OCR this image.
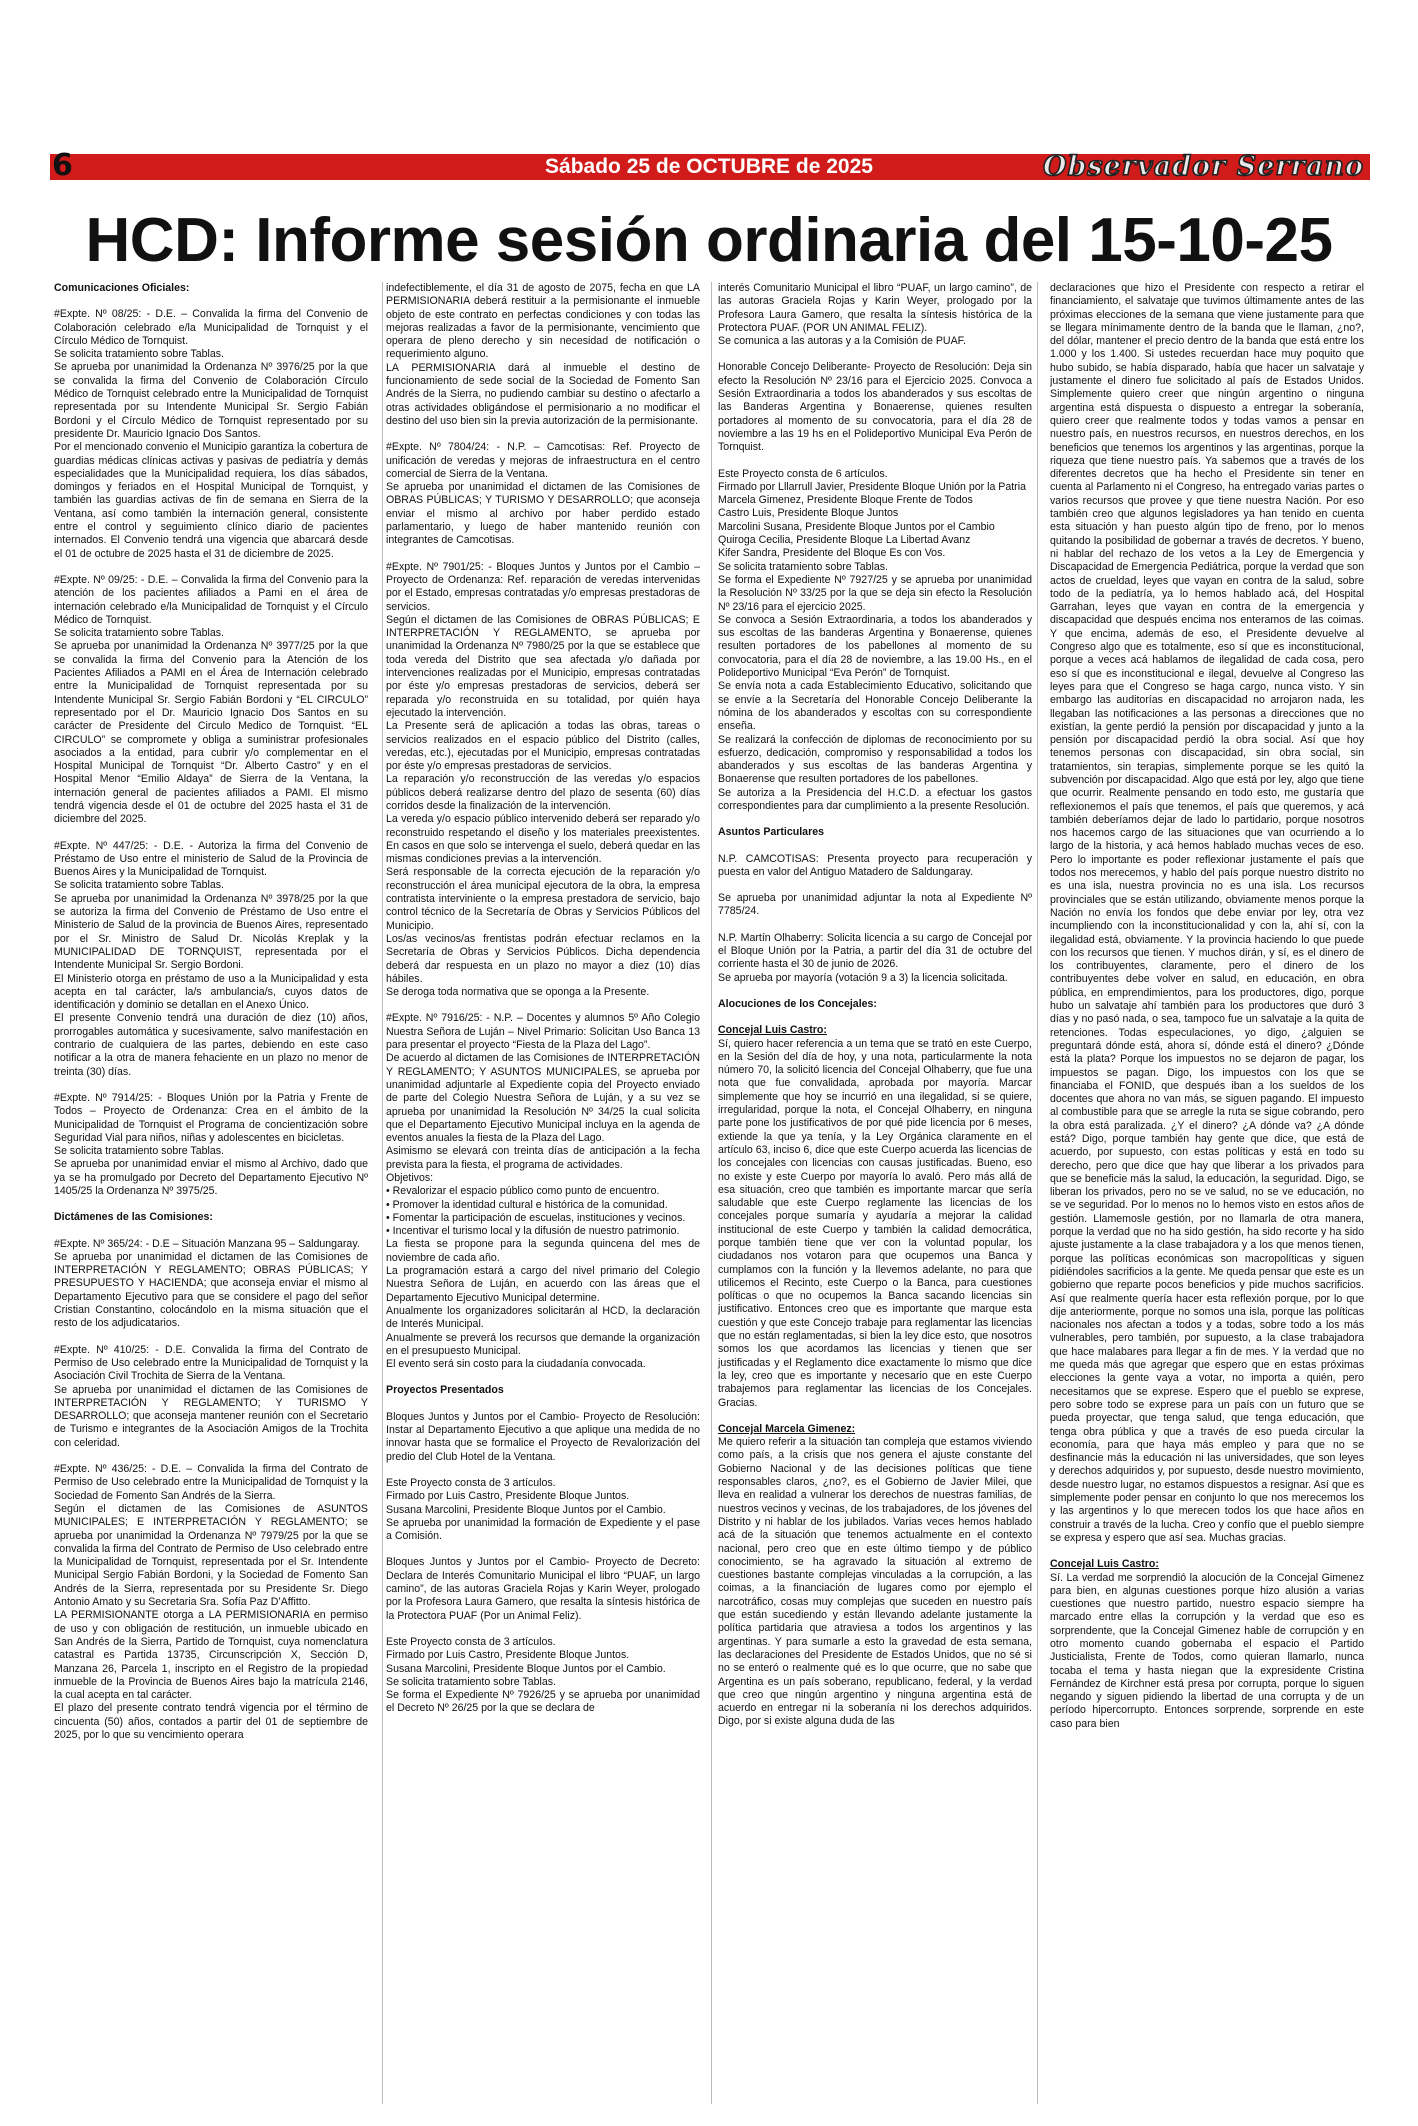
6	Sábado 25 de OCTUBRE de 2025	Observador Serrano
HCD: Informe sesión ordinaria del 15-10-25

Comunicaciones Oficiales:

#Expte. Nº 08/25: - D.E. – Convalida la firma del Convenio de Colaboración celebrado e/la Municipalidad de Tornquist y el Círculo Médico de Tornquist.

Se solicita tratamiento sobre Tablas.

Se aprueba por unanimidad la Ordenanza Nº 3976/25 por la que se convalida la firma del Convenio de Colaboración Círculo Médico de Tornquist celebrado entre la Municipalidad de Tornquist representada por su Intendente Municipal Sr. Sergio Fabián Bordoni y el Círculo Médico de Tornquist representado por su presidente Dr. Mauricio Ignacio Dos Santos.

Por el mencionado convenio el Municipio garantiza la cobertura de guardias médicas clínicas activas y pasivas de pediatría y demás especialidades que la Municipalidad requiera, los días sábados, domingos y feriados en el Hospital Municipal de Tornquist, y también las guardias activas de fin de semana en Sierra de la Ventana, así como también la internación general, consistente entre el control y seguimiento clínico diario de pacientes internados. El Convenio tendrá una vigencia que abarcará desde el 01 de octubre de 2025 hasta el 31 de diciembre de 2025.

#Expte. Nº 09/25: - D.E. – Convalida la firma del Convenio para la atención de los pacientes afiliados a Pami en el área de internación celebrado e/la Municipalidad de Tornquist y el Círculo Médico de Tornquist.

Se solicita tratamiento sobre Tablas.

Se aprueba por unanimidad la Ordenanza Nº 3977/25 por la que se convalida la firma del Convenio para la Atención de los Pacientes Afiliados a PAMI en el Área de Internación celebrado entre la Municipalidad de Tornquist representada por su Intendente Municipal Sr. Sergio Fabián Bordoni y “EL CIRCULO” representado por el Dr. Mauricio Ignacio Dos Santos en su carácter de Presidente del Circulo Medico de Tornquist. “EL CIRCULO” se compromete y obliga a suministrar profesionales asociados a la entidad, para cubrir y/o complementar en el Hospital Municipal de Tornquist “Dr. Alberto Castro” y en el Hospital Menor “Emilio Aldaya” de Sierra de la Ventana, la internación general de pacientes afiliados a PAMI. El mismo tendrá vigencia desde el 01 de octubre del 2025 hasta el 31 de diciembre del 2025.

#Expte. Nº 447/25: - D.E. - Autoriza la firma del Convenio de Préstamo de Uso entre el ministerio de Salud de la Provincia de Buenos Aires y la Municipalidad de Tornquist.

Se solicita tratamiento sobre Tablas.

Se aprueba por unanimidad la Ordenanza Nº 3978/25 por la que se autoriza la firma del Convenio de Préstamo de Uso entre el Ministerio de Salud de la provincia de Buenos Aires, representado por el Sr. Ministro de Salud Dr. Nicolás Kreplak y la MUNICIPALIDAD DE TORNQUIST, representada por el Intendente Municipal Sr. Sergio Bordoni.

El Ministerio otorga en préstamo de uso a la Municipalidad y esta acepta en tal carácter, la/s ambulancia/s, cuyos datos de identificación y dominio se detallan en el Anexo Único.

El presente Convenio tendrá una duración de diez (10) años, prorrogables automática y sucesivamente, salvo manifestación en contrario de cualquiera de las partes, debiendo en este caso notificar a la otra de manera fehaciente en un plazo no menor de treinta (30) días.

#Expte. Nº 7914/25: - Bloques Unión por la Patria y Frente de Todos – Proyecto de Ordenanza: Crea en el ámbito de la Municipalidad de Tornquist el Programa de concientización sobre Seguridad Vial para niños, niñas y adolescentes en bicicletas.

Se solicita tratamiento sobre Tablas.

Se aprueba por unanimidad enviar el mismo al Archivo, dado que ya se ha promulgado por Decreto del Departamento Ejecutivo Nº 1405/25 la Ordenanza Nº 3975/25.

Dictámenes de las Comisiones:

#Expte. Nº 365/24: - D.E – Situación Manzana 95 – Saldungaray.

Se aprueba por unanimidad el dictamen de las Comisiones de INTERPRETACIÓN Y REGLAMENTO; OBRAS PÚBLICAS; Y PRESUPUESTO Y HACIENDA; que aconseja enviar el mismo al Departamento Ejecutivo para que se considere el pago del señor Cristian Constantino, colocándolo en la misma situación que el resto de los adjudicatarios.

#Expte. Nº 410/25: - D.E. Convalida la firma del Contrato de Permiso de Uso celebrado entre la Municipalidad de Tornquist y la Asociación Civil Trochita de Sierra de la Ventana.

Se aprueba por unanimidad el dictamen de las Comisiones de INTERPRETACIÓN Y REGLAMENTO; Y TURISMO Y DESARROLLO; que aconseja mantener reunión con el Secretario de Turismo e integrantes de la Asociación Amigos de la Trochita con celeridad.

#Expte. Nº 436/25: - D.E. – Convalida la firma del Contrato de Permiso de Uso celebrado entre la Municipalidad de Tornquist y la Sociedad de Fomento San Andrés de la Sierra.

Según el dictamen de las Comisiones de ASUNTOS MUNICIPALES; E INTERPRETACIÓN Y REGLAMENTO; se aprueba por unanimidad la Ordenanza Nº 7979/25 por la que se convalida la firma del Contrato de Permiso de Uso celebrado entre la Municipalidad de Tornquist, representada por el Sr. Intendente Municipal Sergio Fabián Bordoni, y la Sociedad de Fomento San Andrés de la Sierra, representada por su Presidente Sr. Diego Antonio Amato y su Secretaria Sra. Sofía Paz D’Affitto.

LA PERMISIONANTE otorga a LA PERMISIONARIA en permiso de uso y con obligación de restitución, un inmueble ubicado en San Andrés de la Sierra, Partido de Tornquist, cuya nomenclatura catastral es Partida 13735, Circunscripción X, Sección D, Manzana 26, Parcela 1, inscripto en el Registro de la propiedad inmueble de la Provincia de Buenos Aires bajo la matrícula 2146, la cual acepta en tal carácter.

El plazo del presente contrato tendrá vigencia por el término de cincuenta (50) años, contados a partir del 01 de septiembre de 2025, por lo que su vencimiento operara

indefectiblemente, el día 31 de agosto de 2075, fecha en que LA PERMISIONARIA deberá restituir a la permisionante el inmueble objeto de este contrato en perfectas condiciones y con todas las mejoras realizadas a favor de la permisionante, vencimiento que operara de pleno derecho y sin necesidad de notificación o requerimiento alguno.

LA PERMISIONARIA dará al inmueble el destino de funcionamiento de sede social de la Sociedad de Fomento San Andrés de la Sierra, no pudiendo cambiar su destino o afectarlo a otras actividades obligándose el permisionario a no modificar el destino del uso bien sin la previa autorización de la permisionante.

#Expte. Nº 7804/24: - N.P. – Camcotisas: Ref. Proyecto de unificación de veredas y mejoras de infraestructura en el centro comercial de Sierra de la Ventana.

Se aprueba por unanimidad el dictamen de las Comisiones de OBRAS PÚBLICAS; Y TURISMO Y DESARROLLO; que aconseja enviar el mismo al archivo por haber perdido estado parlamentario, y luego de haber mantenido reunión con integrantes de Camcotisas.

#Expte. Nº 7901/25: - Bloques Juntos y Juntos por el Cambio – Proyecto de Ordenanza: Ref. reparación de veredas intervenidas por el Estado, empresas contratadas y/o empresas prestadoras de servicios.

Según el dictamen de las Comisiones de OBRAS PÚBLICAS; E INTERPRETACIÓN Y REGLAMENTO, se aprueba por unanimidad la Ordenanza Nº 7980/25 por la que se establece que toda vereda del Distrito que sea afectada y/o dañada por intervenciones realizadas por el Municipio, empresas contratadas por éste y/o empresas prestadoras de servicios, deberá ser reparada y/o reconstruida en su totalidad, por quién haya ejecutado la intervención.

La Presente será de aplicación a todas las obras, tareas o servicios realizados en el espacio público del Distrito (calles, veredas, etc.), ejecutadas por el Municipio, empresas contratadas por éste y/o empresas prestadoras de servicios.

La reparación y/o reconstrucción de las veredas y/o espacios públicos deberá realizarse dentro del plazo de sesenta (60) días corridos desde la finalización de la intervención.

La vereda y/o espacio público intervenido deberá ser reparado y/o reconstruido respetando el diseño y los materiales preexistentes. En casos en que solo se intervenga el suelo, deberá quedar en las mismas condiciones previas a la intervención.

Será responsable de la correcta ejecución de la reparación y/o reconstrucción el área municipal ejecutora de la obra, la empresa contratista interviniente o la empresa prestadora de servicio, bajo control técnico de la Secretaría de Obras y Servicios Públicos del Municipio.

Los/as vecinos/as frentistas podrán efectuar reclamos en la Secretaría de Obras y Servicios Públicos. Dicha dependencia deberá dar respuesta en un plazo no mayor a diez (10) días hábiles.

Se deroga toda normativa que se oponga a la Presente.

#Expte. Nº 7916/25: - N.P. – Docentes y alumnos 5º Año Colegio Nuestra Señora de Luján – Nivel Primario: Solicitan Uso Banca 13 para presentar el proyecto “Fiesta de la Plaza del Lago”.

De acuerdo al dictamen de las Comisiones de INTERPRETACIÓN Y REGLAMENTO; Y ASUNTOS MUNICIPALES, se aprueba por unanimidad adjuntarle al Expediente copia del Proyecto enviado de parte del Colegio Nuestra Señora de Luján, y a su vez se aprueba por unanimidad la Resolución Nº 34/25 la cual solicita que el Departamento Ejecutivo Municipal incluya en la agenda de eventos anuales la fiesta de la Plaza del Lago.

Asimismo se elevará con treinta días de anticipación a la fecha prevista para la fiesta, el programa de actividades.

Objetivos:

• Revalorizar el espacio público como punto de encuentro.

• Promover la identidad cultural e histórica de la comunidad.

• Fomentar la participación de escuelas, instituciones y vecinos.

• Incentivar el turismo local y la difusión de nuestro patrimonio.

La fiesta se propone para la segunda quincena del mes de noviembre de cada año.

La programación estará a cargo del nivel primario del Colegio Nuestra Señora de Luján, en acuerdo con las áreas que el Departamento Ejecutivo Municipal determine.

Anualmente los organizadores solicitarán al HCD, la declaración de Interés Municipal.

Anualmente se preverá los recursos que demande la organización en el presupuesto Municipal.

El evento será sin costo para la ciudadanía convocada.

Proyectos Presentados

Bloques Juntos y Juntos por el Cambio- Proyecto de Resolución: Instar al Departamento Ejecutivo a que aplique una medida de no innovar hasta que se formalice el Proyecto de Revalorización del predio del Club Hotel de la Ventana.

Este Proyecto consta de 3 artículos.

Firmado por Luis Castro, Presidente Bloque Juntos.

Susana Marcolini, Presidente Bloque Juntos por el Cambio.

Se aprueba por unanimidad la formación de Expediente y el pase a Comisión.

Bloques Juntos y Juntos por el Cambio- Proyecto de Decreto: Declara de Interés Comunitario Municipal el libro “PUAF, un largo camino”, de las autoras Graciela Rojas y Karin Weyer, prologado por la Profesora Laura Gamero, que resalta la síntesis histórica de la Protectora PUAF (Por un Animal Feliz).

Este Proyecto consta de 3 artículos.

Firmado por Luis Castro, Presidente Bloque Juntos.

Susana Marcolini, Presidente Bloque Juntos por el Cambio.

Se solicita tratamiento sobre Tablas.

Se forma el Expediente Nº 7926/25 y se aprueba por unanimidad el Decreto Nº 26/25 por la que se declara de

interés Comunitario Municipal el libro “PUAF, un largo camino”, de las autoras Graciela Rojas y Karin Weyer, prologado por la Profesora Laura Gamero, que resalta la síntesis histórica de la Protectora PUAF. (POR UN ANIMAL FELIZ).

Se comunica a las autoras y a la Comisión de PUAF.

Honorable Concejo Deliberante- Proyecto de Resolución: Deja sin efecto la Resolución Nº 23/16 para el Ejercicio 2025. Convoca a Sesión Extraordinaria a todos los abanderados y sus escoltas de las Banderas Argentina y Bonaerense, quienes resulten portadores al momento de su convocatoria, para el día 28 de noviembre a las 19 hs en el Polideportivo Municipal Eva Perón de Tornquist.

Este Proyecto consta de 6 artículos.

Firmado por Lllarrull Javier, Presidente Bloque Unión por la Patria

Marcela Gimenez, Presidente Bloque Frente de Todos

Castro Luis, Presidente Bloque Juntos

Marcolini Susana, Presidente Bloque Juntos por el Cambio

Quiroga Cecilia, Presidente Bloque La Libertad Avanz

Kifer Sandra, Presidente del Bloque Es con Vos.

Se solicita tratamiento sobre Tablas.

Se forma el Expediente Nº 7927/25 y se aprueba por unanimidad la Resolución Nº 33/25 por la que se deja sin efecto la Resolución Nº 23/16 para el ejercicio 2025.

Se convoca a Sesión Extraordinaria, a todos los abanderados y sus escoltas de las banderas Argentina y Bonaerense, quienes resulten portadores de los pabellones al momento de su convocatoria, para el día 28 de noviembre, a las 19.00 Hs., en el Polideportivo Municipal “Eva Perón” de Tornquist.

Se envía nota a cada Establecimiento Educativo, solicitando que se envíe a la Secretaría del Honorable Concejo Deliberante la nómina de los abanderados y escoltas con su correspondiente enseña.

Se realizará la confección de diplomas de reconocimiento por su esfuerzo, dedicación, compromiso y responsabilidad a todos los abanderados y sus escoltas de las banderas Argentina y Bonaerense que resulten portadores de los pabellones.

Se autoriza a la Presidencia del H.C.D. a efectuar los gastos correspondientes para dar cumplimiento a la presente Resolución.

Asuntos Particulares

N.P. CAMCOTISAS: Presenta proyecto para recuperación y puesta en valor del Antiguo Matadero de Saldungaray.

Se aprueba por unanimidad adjuntar la nota al Expediente Nº 7785/24.

N.P. Martín Olhaberry: Solicita licencia a su cargo de Concejal por el Bloque Unión por la Patria, a partir del día 31 de octubre del corriente hasta el 30 de junio de 2026.

Se aprueba por mayoría (votación 9 a 3) la licencia solicitada.

Alocuciones de los Concejales:

Concejal Luis Castro:

Sí, quiero hacer referencia a un tema que se trató en este Cuerpo, en la Sesión del día de hoy, y una nota, particularmente la nota número 70, la solicitó licencia del Concejal Olhaberry, que fue una nota que fue convalidada, aprobada por mayoría. Marcar simplemente que hoy se incurrió en una ilegalidad, si se quiere, irregularidad, porque la nota, el Concejal Olhaberry, en ninguna parte pone los justificativos de por qué pide licencia por 6 meses, extiende la que ya tenía, y la Ley Orgánica claramente en el artículo 63, inciso 6, dice que este Cuerpo acuerda las licencias de los concejales con licencias con causas justificadas. Bueno, eso no existe y este Cuerpo por mayoría lo avaló. Pero más allá de esa situación, creo que también es importante marcar que sería saludable que este Cuerpo reglamente las licencias de los concejales porque sumaría y ayudaría a mejorar la calidad institucional de este Cuerpo y también la calidad democrática, porque también tiene que ver con la voluntad popular, los ciudadanos nos votaron para que ocupemos una Banca y cumplamos con la función y la llevemos adelante, no para que utilicemos el Recinto, este Cuerpo o la Banca, para cuestiones políticas o que no ocupemos la Banca sacando licencias sin justificativo. Entonces creo que es importante que marque esta cuestión y que este Concejo trabaje para reglamentar las licencias que no están reglamentadas, si bien la ley dice esto, que nosotros somos los que acordamos las licencias y tienen que ser justificadas y el Reglamento dice exactamente lo mismo que dice la ley, creo que es importante y necesario que en este Cuerpo trabajemos para reglamentar las licencias de los Concejales. Gracias.

Concejal Marcela Gimenez:

Me quiero referir a la situación tan compleja que estamos viviendo como país, a la crisis que nos genera el ajuste constante del Gobierno Nacional y de las decisiones políticas que tiene responsables claros, ¿no?, es el Gobierno de Javier Milei, que lleva en realidad a vulnerar los derechos de nuestras familias, de nuestros vecinos y vecinas, de los trabajadores, de los jóvenes del Distrito y ni hablar de los jubilados. Varias veces hemos hablado acá de la situación que tenemos actualmente en el contexto nacional, pero creo que en este último tiempo y de público conocimiento, se ha agravado la situación al extremo de cuestiones bastante complejas vinculadas a la corrupción, a las coimas, a la financiación de lugares como por ejemplo el narcotráfico, cosas muy complejas que suceden en nuestro país que están sucediendo y están llevando adelante justamente la política partidaria que atraviesa a todos los argentinos y las argentinas. Y para sumarle a esto la gravedad de esta semana, las declaraciones del Presidente de Estados Unidos, que no sé si no se enteró o realmente qué es lo que ocurre, que no sabe que Argentina es un país soberano, republicano, federal, y la verdad que creo que ningún argentino y ninguna argentina está de acuerdo en entregar ni la soberanía ni los derechos adquiridos. Digo, por si existe alguna duda de las

declaraciones que hizo el Presidente con respecto a retirar el financiamiento, el salvataje que tuvimos últimamente antes de las próximas elecciones de la semana que viene justamente para que se llegara mínimamente dentro de la banda que le llaman, ¿no?, del dólar, mantener el precio dentro de la banda que está entre los 1.000 y los 1.400. Si ustedes recuerdan hace muy poquito que hubo subido, se había disparado, había que hacer un salvataje y justamente el dinero fue solicitado al país de Estados Unidos. Simplemente quiero creer que ningún argentino o ninguna argentina está dispuesta o dispuesto a entregar la soberanía, quiero creer que realmente todos y todas vamos a pensar en nuestro país, en nuestros recursos, en nuestros derechos, en los beneficios que tenemos los argentinos y las argentinas, porque la riqueza que tiene nuestro país. Ya sabemos que a través de los diferentes decretos que ha hecho el Presidente sin tener en cuenta al Parlamento ni el Congreso, ha entregado varias partes o varios recursos que provee y que tiene nuestra Nación. Por eso también creo que algunos legisladores ya han tenido en cuenta esta situación y han puesto algún tipo de freno, por lo menos quitando la posibilidad de gobernar a través de decretos. Y bueno, ni hablar del rechazo de los vetos a la Ley de Emergencia y Discapacidad de Emergencia Pediátrica, porque la verdad que son actos de crueldad, leyes que vayan en contra de la salud, sobre todo de la pediatría, ya lo hemos hablado acá, del Hospital Garrahan, leyes que vayan en contra de la emergencia y discapacidad que después encima nos enteramos de las coimas. Y que encima, además de eso, el Presidente devuelve al Congreso algo que es totalmente, eso sí que es inconstitucional, porque a veces acá hablamos de ilegalidad de cada cosa, pero eso sí que es inconstitucional e ilegal, devuelve al Congreso las leyes para que el Congreso se haga cargo, nunca visto. Y sin embargo las auditorías en discapacidad no arrojaron nada, les llegaban las notificaciones a las personas a direcciones que no existían, la gente perdió la pensión por discapacidad y junto a la pensión por discapacidad perdió la obra social. Así que hoy tenemos personas con discapacidad, sin obra social, sin tratamientos, sin terapias, simplemente porque se les quitó la subvención por discapacidad. Algo que está por ley, algo que tiene que ocurrir. Realmente pensando en todo esto, me gustaría que reflexionemos el país que tenemos, el país que queremos, y acá también deberíamos dejar de lado lo partidario, porque nosotros nos hacemos cargo de las situaciones que van ocurriendo a lo largo de la historia, y acá hemos hablado muchas veces de eso. Pero lo importante es poder reflexionar justamente el país que todos nos merecemos, y hablo del país porque nuestro distrito no es una isla, nuestra provincia no es una isla. Los recursos provinciales que se están utilizando, obviamente menos porque la Nación no envía los fondos que debe enviar por ley, otra vez incumpliendo con la inconstitucionalidad y con la, ahí sí, con la ilegalidad está, obviamente. Y la provincia haciendo lo que puede con los recursos que tienen. Y muchos dirán, y sí, es el dinero de los contribuyentes, claramente, pero el dinero de los contribuyentes debe volver en salud, en educación, en obra pública, en emprendimientos, para los productores, digo, porque hubo un salvataje ahí también para los productores que duró 3 días y no pasó nada, o sea, tampoco fue un salvataje a la quita de retenciones. Todas especulaciones, yo digo, ¿alguien se preguntará dónde está, ahora sí, dónde está el dinero? ¿Dónde está la plata? Porque los impuestos no se dejaron de pagar, los impuestos se pagan. Digo, los impuestos con los que se financiaba el FONID, que después iban a los sueldos de los docentes que ahora no van más, se siguen pagando. El impuesto al combustible para que se arregle la ruta se sigue cobrando, pero la obra está paralizada. ¿Y el dinero? ¿A dónde va? ¿A dónde está? Digo, porque también hay gente que dice, que está de acuerdo, por supuesto, con estas políticas y está en todo su derecho, pero que dice que hay que liberar a los privados para que se beneficie más la salud, la educación, la seguridad. Digo, se liberan los privados, pero no se ve salud, no se ve educación, no se ve seguridad. Por lo menos no lo hemos visto en estos años de gestión. Llamemosle gestión, por no llamarla de otra manera, porque la verdad que no ha sido gestión, ha sido recorte y ha sido ajuste justamente a la clase trabajadora y a los que menos tienen, porque las políticas económicas son macropolíticas y siguen pidiéndoles sacrificios a la gente. Me queda pensar que este es un gobierno que reparte pocos beneficios y pide muchos sacrificios. Así que realmente quería hacer esta reflexión porque, por lo que dije anteriormente, porque no somos una isla, porque las políticas nacionales nos afectan a todos y a todas, sobre todo a los más vulnerables, pero también, por supuesto, a la clase trabajadora que hace malabares para llegar a fin de mes. Y la verdad que no me queda más que agregar que espero que en estas próximas elecciones la gente vaya a votar, no importa a quién, pero necesitamos que se exprese. Espero que el pueblo se exprese, pero sobre todo se exprese para un país con un futuro que se pueda proyectar, que tenga salud, que tenga educación, que tenga obra pública y que a través de eso pueda circular la economía, para que haya más empleo y para que no se desfinancie más la educación ni las universidades, que son leyes y derechos adquiridos y, por supuesto, desde nuestro movimiento, desde nuestro lugar, no estamos dispuestos a resignar. Así que es simplemente poder pensar en conjunto lo que nos merecemos los y las argentinos y lo que merecen todos los que hace años en construir a través de la lucha. Creo y confío que el pueblo siempre se expresa y espero que así sea. Muchas gracias.

Concejal Luis Castro:

Sí. La verdad me sorprendió la alocución de la Concejal Gimenez para bien, en algunas cuestiones porque hizo alusión a varias cuestiones que nuestro partido, nuestro espacio siempre ha marcado entre ellas la corrupción y la verdad que eso es sorprendente, que la Concejal Gimenez hable de corrupción y en otro momento cuando gobernaba el espacio el Partido Justicialista, Frente de Todos, como quieran llamarlo, nunca tocaba el tema y hasta niegan que la expresidente Cristina Fernández de Kirchner está presa por corrupta, porque lo siguen negando y siguen pidiendo la libertad de una corrupta y de un período hipercorrupto. Entonces sorprende, sorprende en este caso para bien
